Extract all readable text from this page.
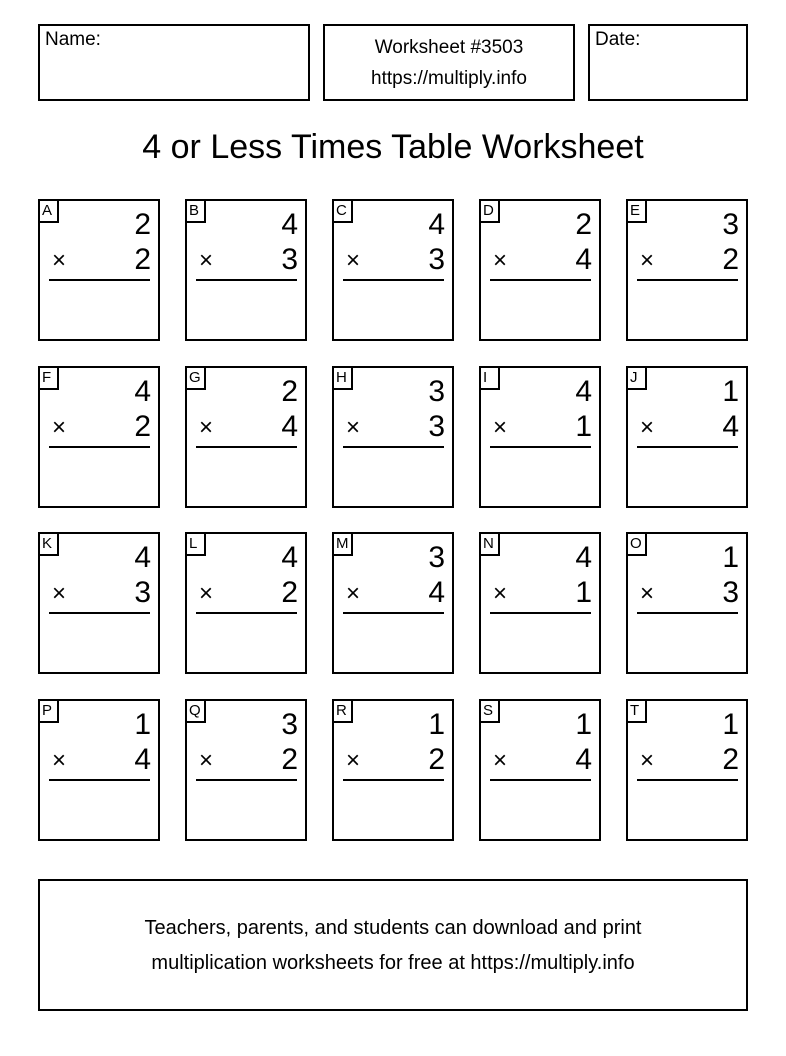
Name:	Worksheet #3503
https://multiply.info
Date:
4 or Less Times Table Worksheet
A	2
× 2
B	4
× 3
C	4
× 3
D	2
× 4
E	3
× 2
F	4
× 2
G	2
× 4
H	3
× 3
I	4
× 1
J	1
× 4
K	4
× 3
L	4
× 2
M	3
× 4
N	4
× 1
O	1
× 3
P	1
× 4
Q	3
× 2
R	1
× 2
S	1
× 4
T	1
× 2
Teachers, parents, and students can download and print
multiplication worksheets for free at https://multiply.info
